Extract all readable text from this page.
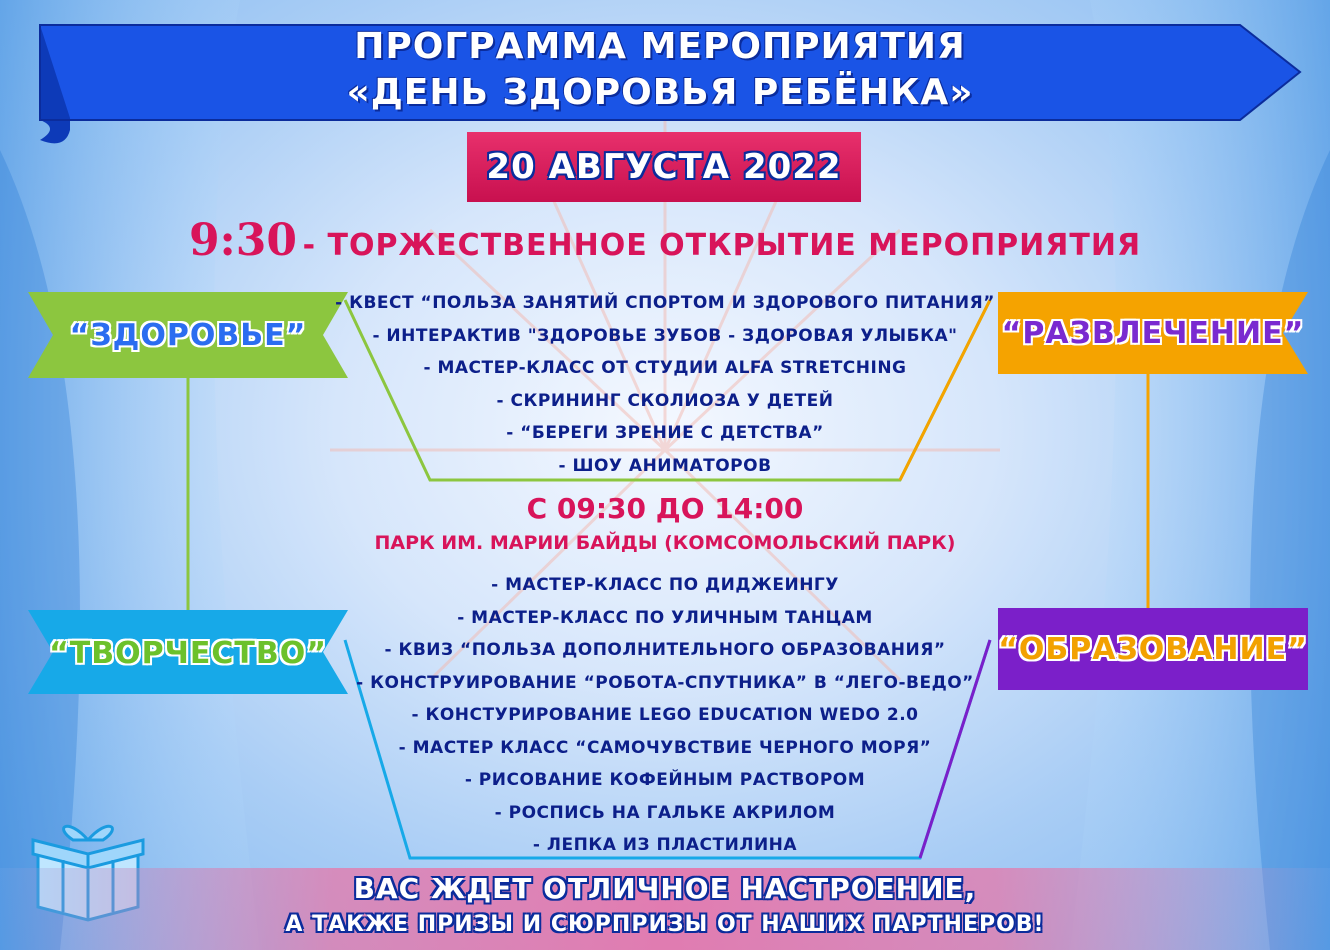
ПРОГРАММА МЕРОПРИЯТИЯ
«ДЕНЬ ЗДОРОВЬЯ РЕБЁНКА»
20 АВГУСТА 2022
9:30 - ТОРЖЕСТВЕННОЕ ОТКРЫТИЕ МЕРОПРИЯТИЯ
“ЗДОРОВЬЕ”	“РАЗВЛЕЧЕНИЕ”
“ТВОРЧЕСТВО”	“ОБРАЗОВАНИЕ”
- КВЕСТ “ПОЛЬЗА ЗАНЯТИЙ СПОРТОМ И ЗДОРОВОГО ПИТАНИЯ”
- ИНТЕРАКТИВ "ЗДОРОВЬЕ ЗУБОВ - ЗДОРОВАЯ УЛЫБКА"
- МАСТЕР-КЛАСС ОТ СТУДИИ ALFA STRETCHING
- СКРИНИНГ СКОЛИОЗА У ДЕТЕЙ
- “БЕРЕГИ ЗРЕНИЕ С ДЕТСТВА”
- ШОУ АНИМАТОРОВ
С 09:30 ДО 14:00
ПАРК ИМ. МАРИИ БАЙДЫ (КОМСОМОЛЬСКИЙ ПАРК)
- МАСТЕР-КЛАСС ПО ДИДЖЕИНГУ
- МАСТЕР-КЛАСС ПО УЛИЧНЫМ ТАНЦАМ
- КВИЗ “ПОЛЬЗА ДОПОЛНИТЕЛЬНОГО ОБРАЗОВАНИЯ”
- КОНСТРУИРОВАНИЕ “РОБОТА-СПУТНИКА” В “ЛЕГО-ВЕДО”
- КОНСТУРИРОВАНИЕ LEGO EDUCATION WEDO 2.0
- МАСТЕР КЛАСС “САМОЧУВСТВИЕ ЧЕРНОГО МОРЯ”
- РИСОВАНИЕ КОФЕЙНЫМ РАСТВОРОМ
- РОСПИСЬ НА ГАЛЬКЕ АКРИЛОМ
- ЛЕПКА ИЗ ПЛАСТИЛИНА
ВАС ЖДЕТ ОТЛИЧНОЕ НАСТРОЕНИЕ,
А ТАКЖЕ ПРИЗЫ И СЮРПРИЗЫ ОТ НАШИХ ПАРТНЕРОВ!
